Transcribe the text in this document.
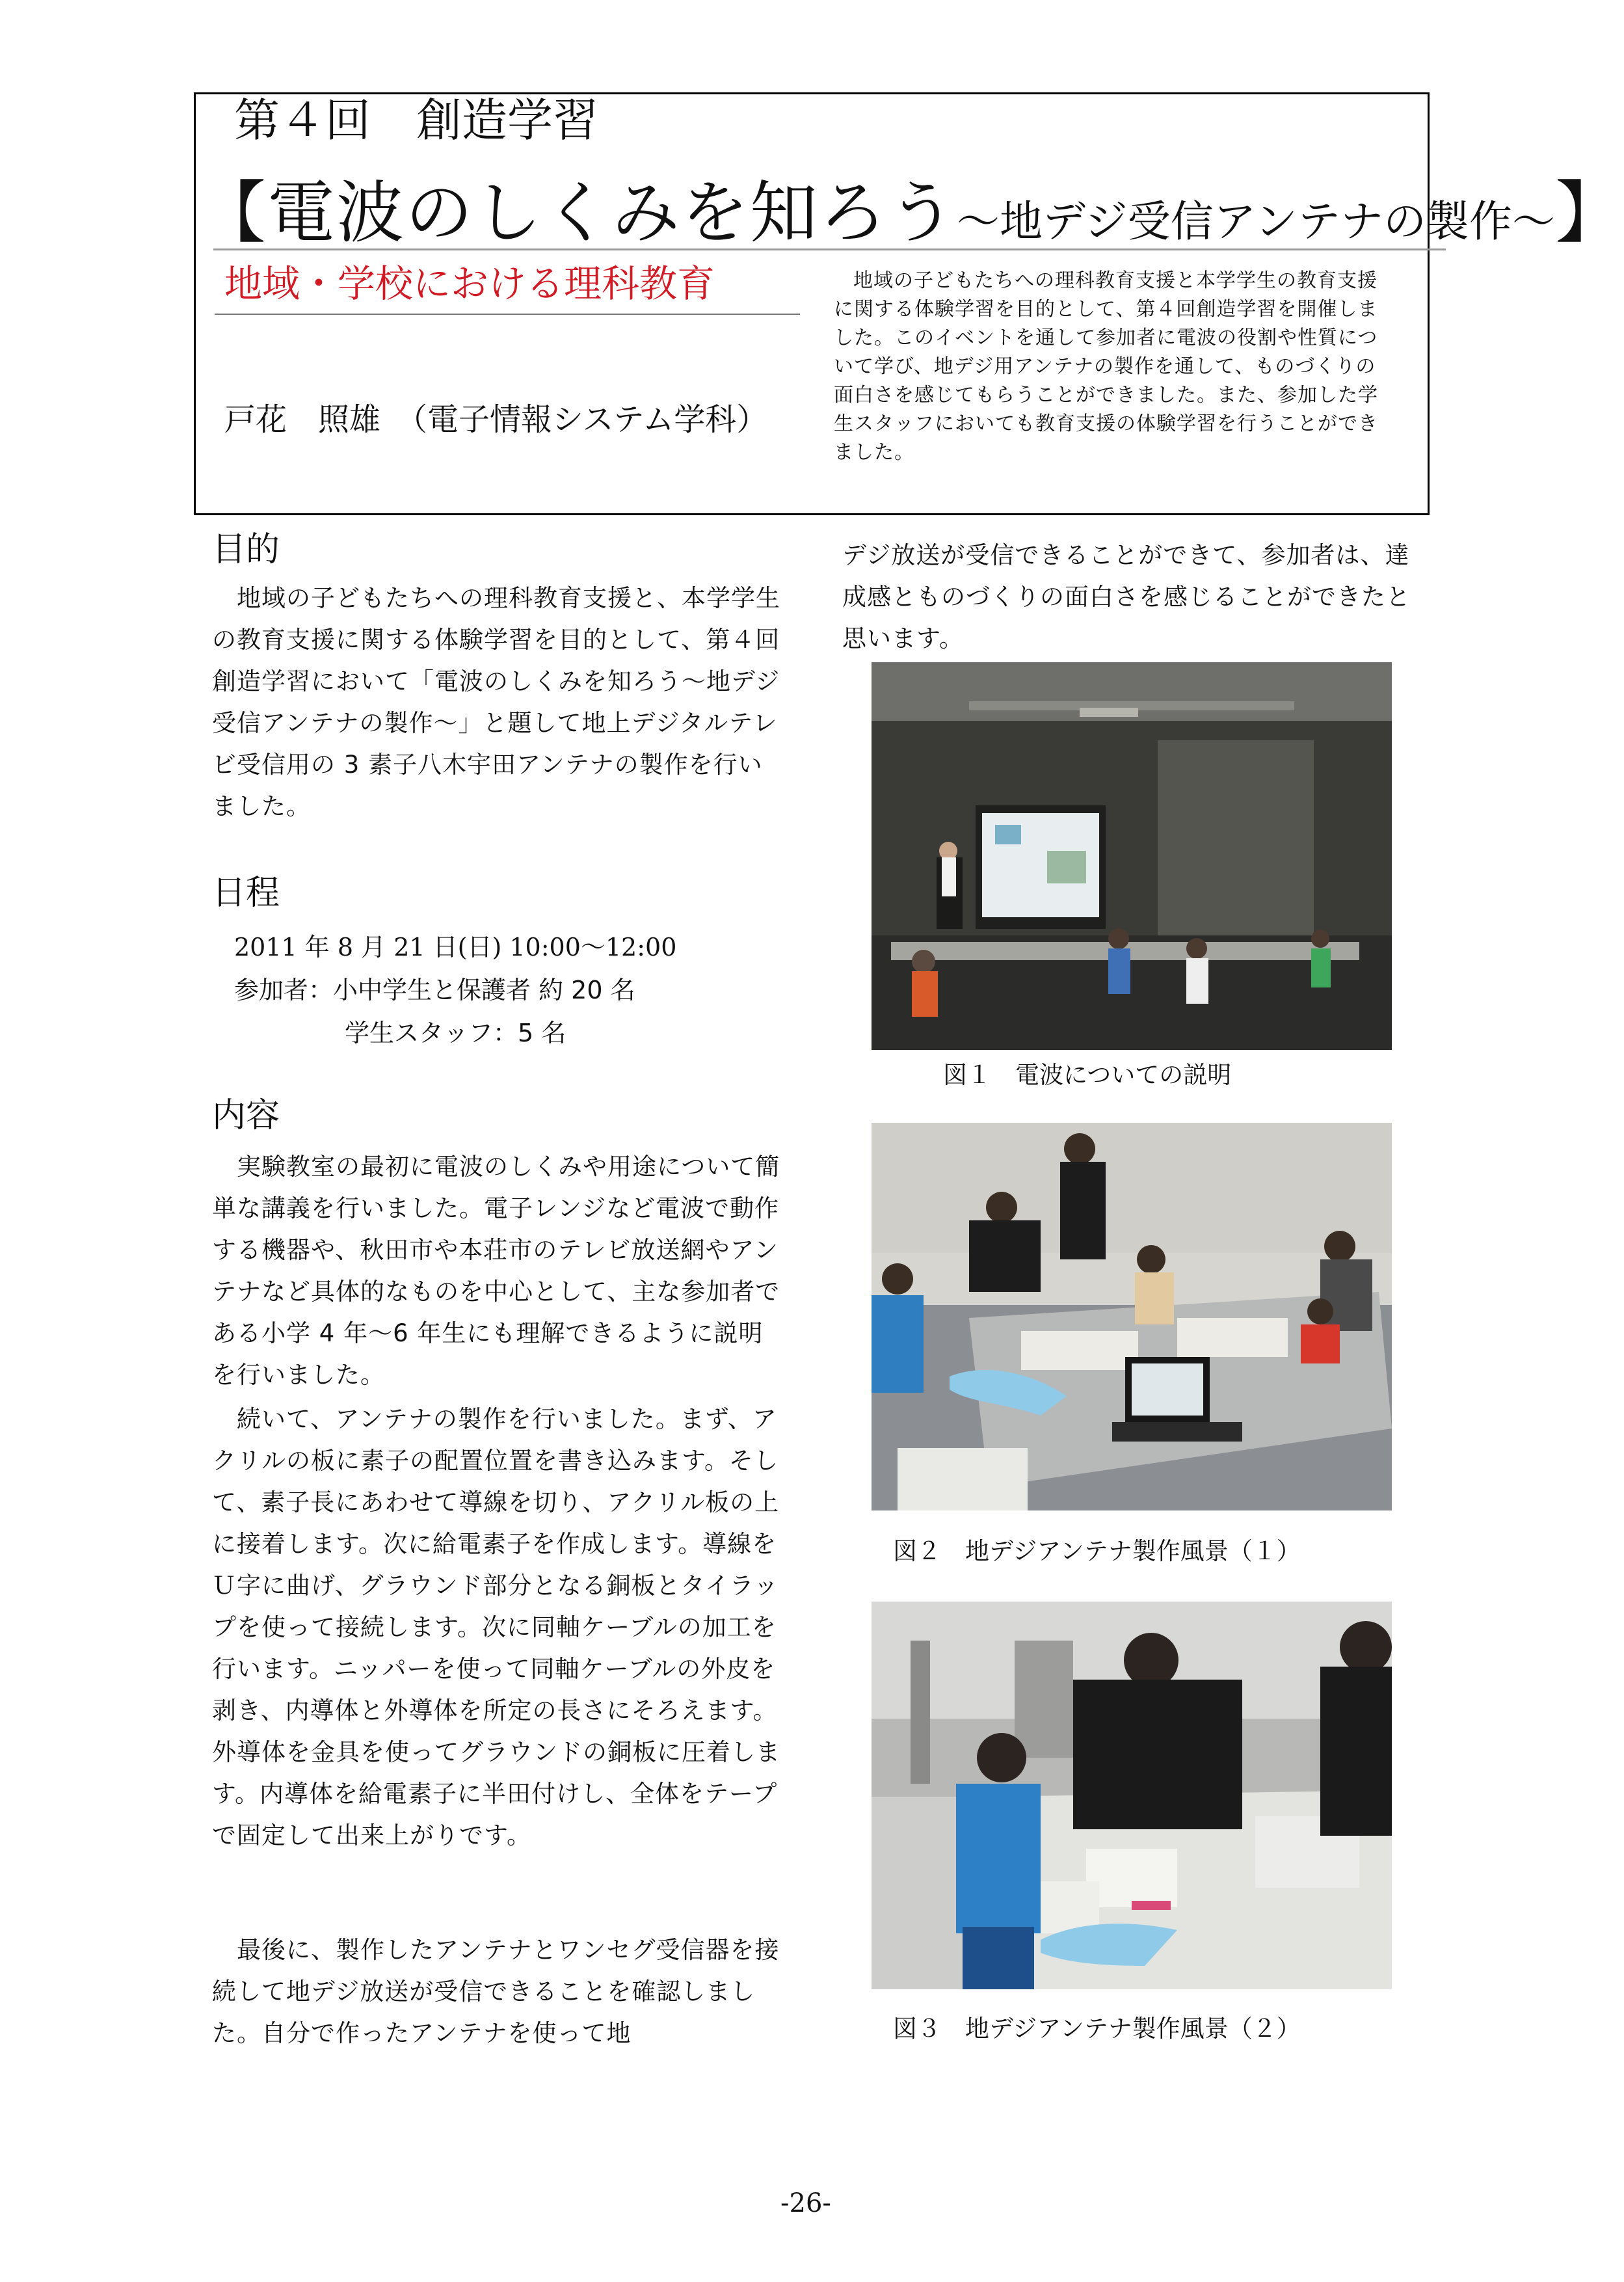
第４回　創造学習
【電波のしくみを知ろう～地デジ受信アンテナの製作～】
地域・学校における理科教育
戸花　照雄　（電子情報システム学科）
地域の子どもたちへの理科教育支援と本学学生の教育支援に関する体験学習を目的として、第４回創造学習を開催しました。このイベントを通して参加者に電波の役割や性質について学び、地デジ用アンテナの製作を通して、ものづくりの面白さを感じてもらうことができました。また、参加した学生スタッフにおいても教育支援の体験学習を行うことができました。
目的
地域の子どもたちへの理科教育支援と、本学学生の教育支援に関する体験学習を目的として、第４回創造学習において「電波のしくみを知ろう～地デジ受信アンテナの製作～」と題して地上デジタルテレビ受信用の 3 素子八木宇田アンテナの製作を行いました。
日程
2011 年 8 月 21 日(日) 10:00～12:00
参加者：小中学生と保護者 約 20 名
学生スタッフ：5 名
内容
実験教室の最初に電波のしくみや用途について簡単な講義を行いました。電子レンジなど電波で動作する機器や、秋田市や本荘市のテレビ放送網やアンテナなど具体的なものを中心として、主な参加者である小学 4 年～6 年生にも理解できるように説明を行いました。
続いて、アンテナの製作を行いました。まず、アクリルの板に素子の配置位置を書き込みます。そして、素子長にあわせて導線を切り、アクリル板の上に接着します。次に給電素子を作成します。導線をＵ字に曲げ、グラウンド部分となる銅板とタイラップを使って接続します。次に同軸ケーブルの加工を行います。ニッパーを使って同軸ケーブルの外皮を剥き、内導体と外導体を所定の長さにそろえます。外導体を金具を使ってグラウンドの銅板に圧着します。内導体を給電素子に半田付けし、全体をテープで固定して出来上がりです。
最後に、製作したアンテナとワンセグ受信器を接続して地デジ放送が受信できることを確認しました。自分で作ったアンテナを使って地
デジ放送が受信できることができて、参加者は、達成感とものづくりの面白さを感じることができたと思います。
図１　電波についての説明
図２　地デジアンテナ製作風景（１）
図３　地デジアンテナ製作風景（２）
-26-
